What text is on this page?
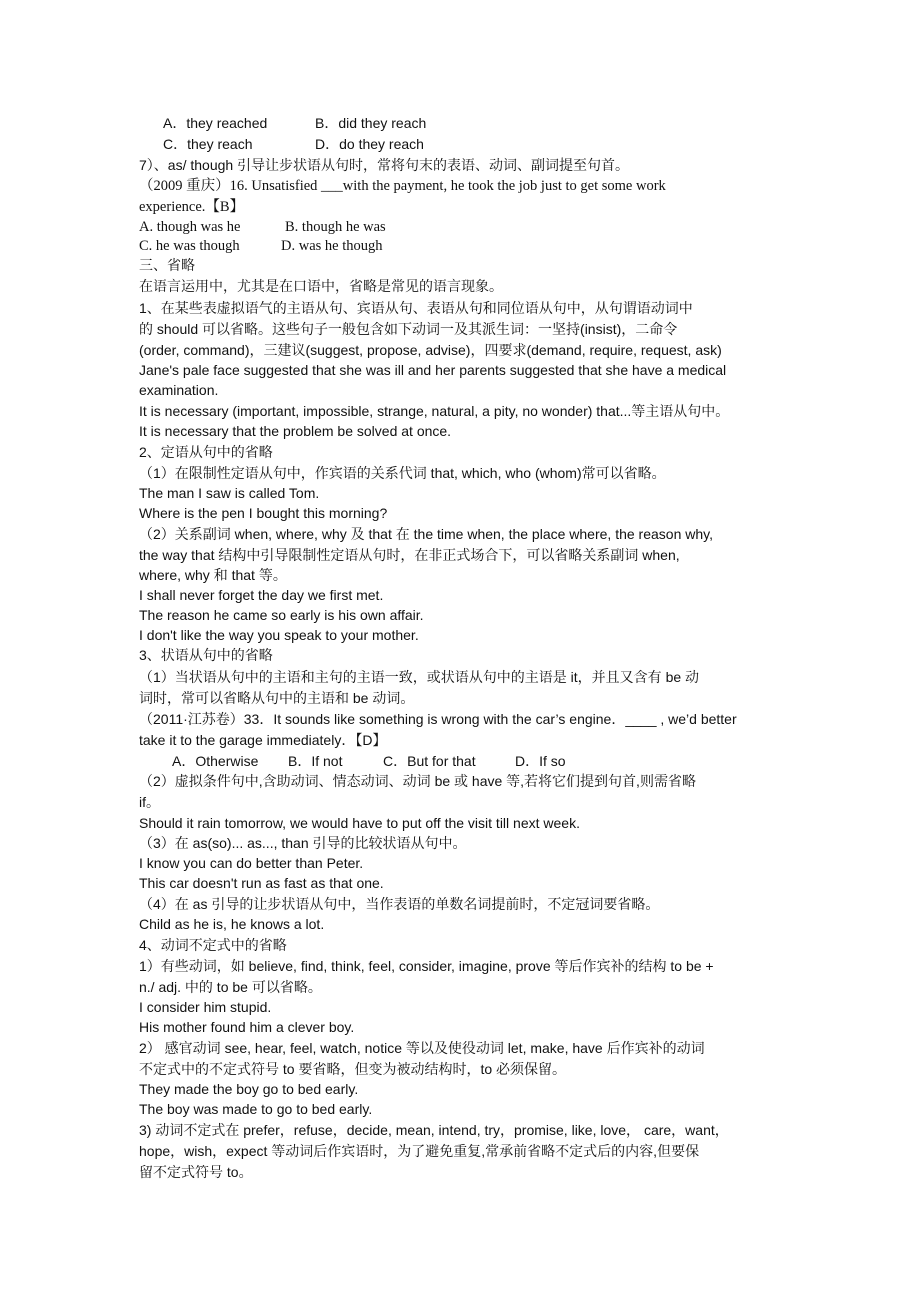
A．they reached	B．did they reach
C．they reach	D．do they reach
7）、as/ though 引导让步状语从句时，常将句末的表语、动词、副词提至句首。
（2009 重庆）16. Unsatisfied ___with the payment, he took the job just to get some work
experience.【B】
A. though was he	B. though he was
C. he was though	D. was he though
三、省略
在语言运用中，尤其是在口语中，省略是常见的语言现象。
1、在某些表虚拟语气的主语从句、宾语从句、表语从句和同位语从句中，从句谓语动词中
的 should 可以省略。这些句子一般包含如下动词一及其派生词：一坚持(insist)，二命令
(order, command)，三建议(suggest, propose, advise)，四要求(demand, require, request, ask)
Jane's pale face suggested that she was ill and her parents suggested that she have a medical
examination.
It is necessary (important, impossible, strange, natural, a pity, no wonder) that...等主语从句中。
It is necessary that the problem be solved at once.
2、定语从句中的省略
（1）在限制性定语从句中，作宾语的关系代词 that, which, who (whom)常可以省略。
The man I saw is called Tom.
Where is the pen I bought this morning?
（2）关系副词 when, where, why 及 that 在 the time when, the place where, the reason why,
the way that 结构中引导限制性定语从句时，在非正式场合下，可以省略关系副词 when,
where, why 和 that 等。
I shall never forget the day we first met.
The reason he came so early is his own affair.
I don't like the way you speak to your mother.
3、状语从句中的省略
（1）当状语从句中的主语和主句的主语一致，或状语从句中的主语是 it，并且又含有 be 动
词时，常可以省略从句中的主语和 be 动词。
（2011·江苏卷）33．It sounds like something is wrong with the car’s engine．____ , we’d better
take it to the garage immediately．【D】
A．Otherwise B．If not	C．But for that	D．If so
（2）虚拟条件句中,含助动词、情态动词、动词 be 或 have 等,若将它们提到句首,则需省略
if。
Should it rain tomorrow, we would have to put off the visit till next week.
（3）在 as(so)... as..., than 引导的比较状语从句中。
I know you can do better than Peter.
This car doesn't run as fast as that one.
（4）在 as 引导的让步状语从句中，当作表语的单数名词提前时，不定冠词要省略。
Child as he is, he knows a lot.
4、动词不定式中的省略
1）有些动词，如 believe, find, think, feel, consider, imagine, prove 等后作宾补的结构 to be +
n./ adj. 中的 to be 可以省略。
I consider him stupid.
His mother found him a clever boy.
2） 感官动词 see, hear, feel, watch, notice 等以及使役动词 let, make, have 后作宾补的动词
不定式中的不定式符号 to 要省略，但变为被动结构时，to 必须保留。
They made the boy go to bed early.
The boy was made to go to bed early.
3) 动词不定式在 prefer，refuse，decide, mean, intend, try，promise, like, love， care，want，
hope，wish，expect 等动词后作宾语时，为了避免重复,常承前省略不定式后的内容,但要保
留不定式符号 to。
